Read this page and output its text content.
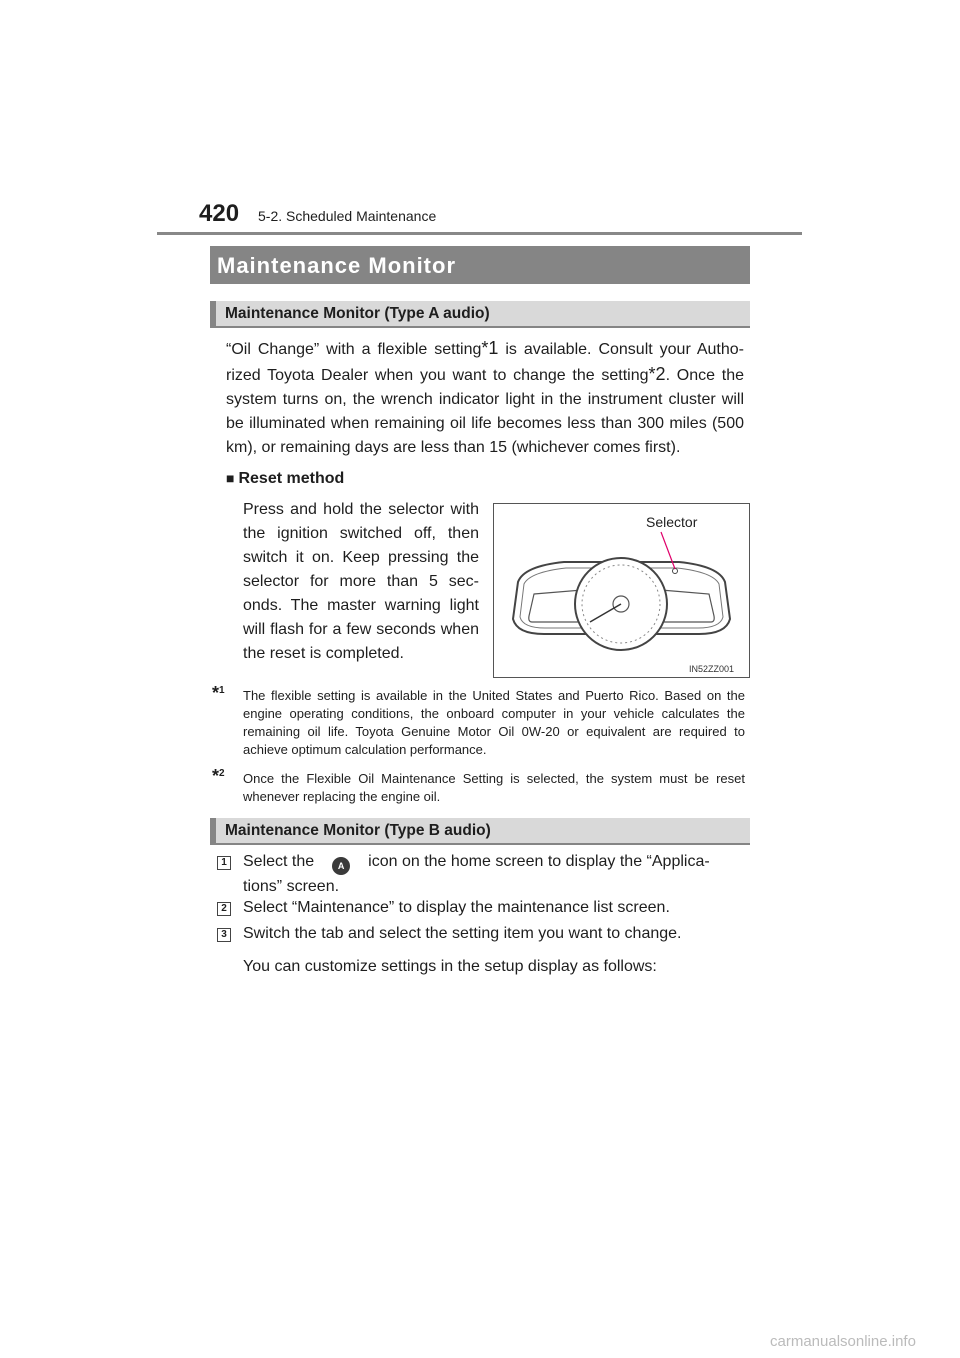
420 5-2. Scheduled Maintenance
Maintenance Monitor
Maintenance Monitor (Type A audio)

“Oil Change” with a flexible setting*1 is available. Consult your Autho- rized Toyota Dealer when you want to change the setting*2. Once the system turns on, the wrench indicator light in the instrument cluster will be illuminated when remaining oil life becomes less than 300 miles (500 km), or remaining days are less than 15 (whichever comes first).

■ Reset method

Press and hold the selector with the ignition switched off, then switch it on. Keep pressing the selector for more than 5 sec-onds. The master warning light will flash for a few seconds when the reset is completed.

Selector
IN52ZZ001
*$^1$ The flexible setting is available in the United States and Puerto Rico. Based on the engine operating conditions, the onboard computer in your vehicle calculates the remaining oil life. Toyota Genuine Motor Oil 0W-20 or equivalent are required to achieve optimum calculation performance.
*$^2$ Once the Flexible Oil Maintenance Setting is selected, the system must be reset whenever replacing the engine oil.
Maintenance Monitor (Type B audio)
1 Select the	A icon on the home screen to display the “Applica-
tions” screen.
2 Select “Maintenance” to display the maintenance list screen.
3 Switch the tab and select the setting item you want to change.
You can customize settings in the setup display as follows:
carmanualsonline.info
